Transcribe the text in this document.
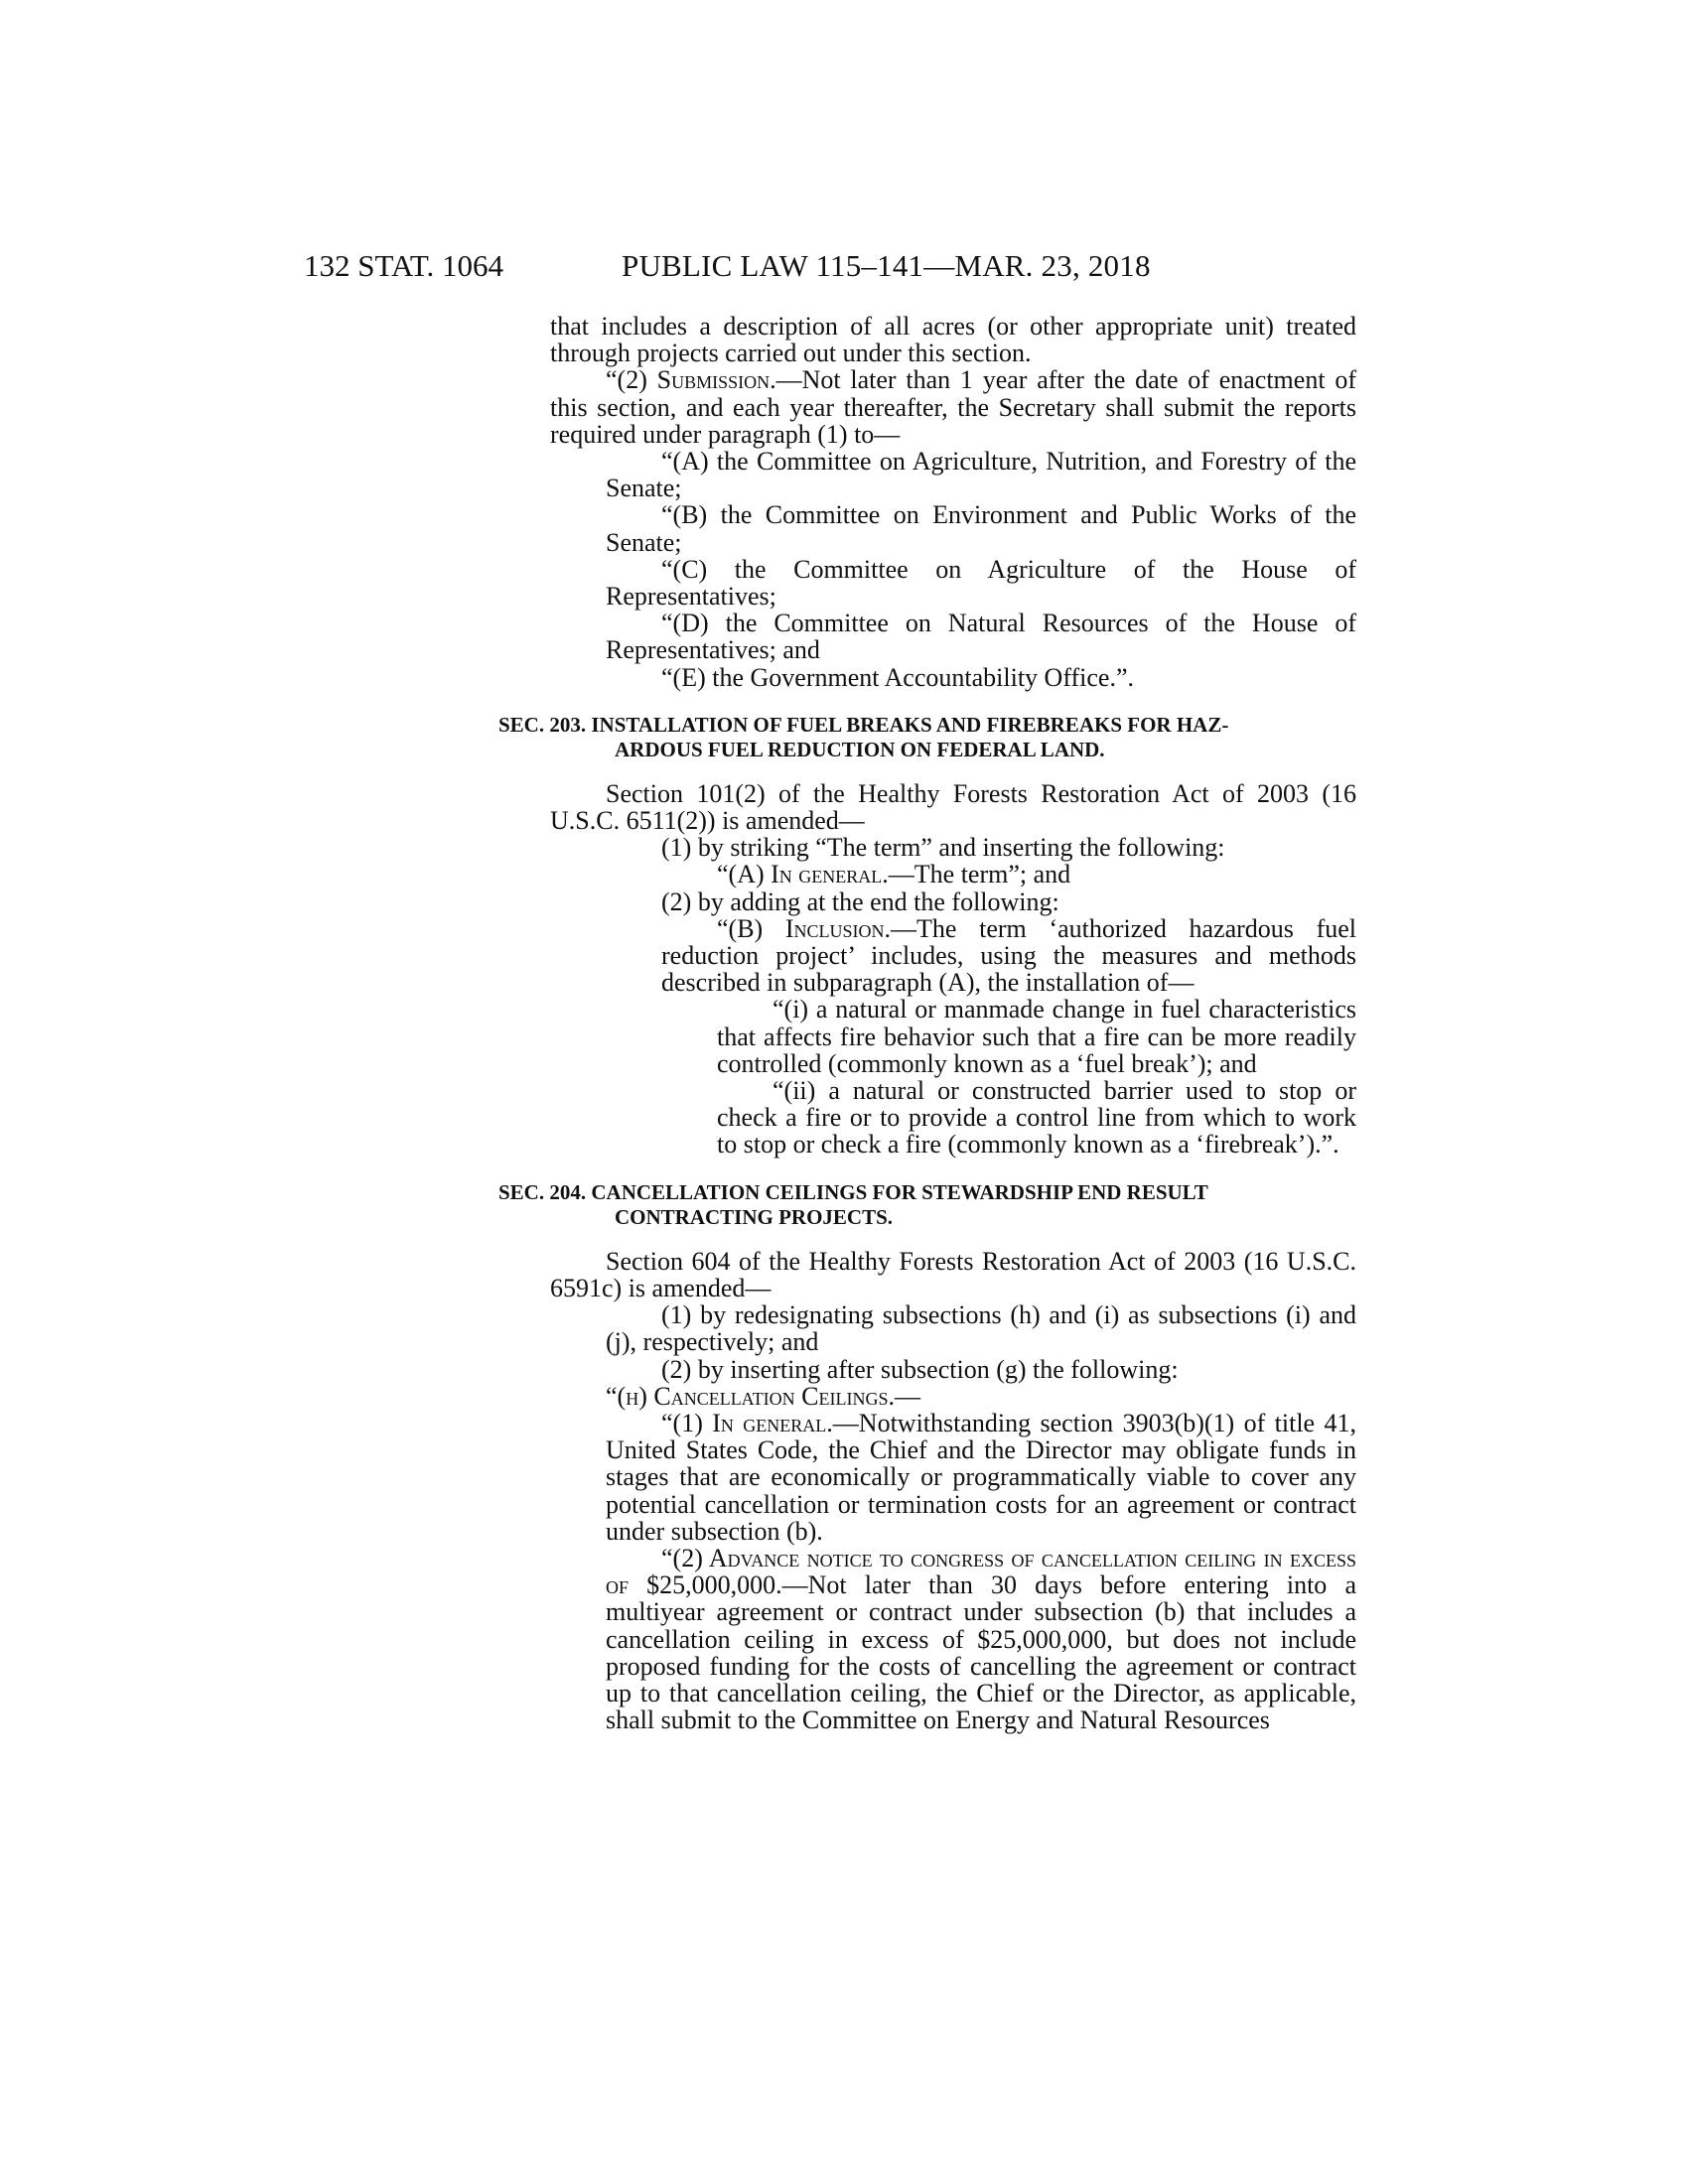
132 STAT. 1064	PUBLIC LAW 115–141—MAR. 23, 2018

that includes a description of all acres (or other appropriate unit) treated through projects carried out under this section.

“(2) Submission.—Not later than 1 year after the date of enactment of this section, and each year thereafter, the Secretary shall submit the reports required under paragraph (1) to—

“(A) the Committee on Agriculture, Nutrition, and Forestry of the Senate;

“(B) the Committee on Environment and Public Works of the Senate;

“(C) the Committee on Agriculture of the House of Representatives;

“(D) the Committee on Natural Resources of the House of Representatives; and

“(E) the Government Accountability Office.”.

SEC. 203. INSTALLATION OF FUEL BREAKS AND FIREBREAKS FOR HAZ-
ARDOUS FUEL REDUCTION ON FEDERAL LAND.

Section 101(2) of the Healthy Forests Restoration Act of 2003 (16 U.S.C. 6511(2)) is amended—

(1) by striking “The term” and inserting the following:

“(A) In general.—The term”; and

(2) by adding at the end the following:

“(B) Inclusion.—The term ‘authorized hazardous fuel reduction project’ includes, using the measures and methods described in subparagraph (A), the installation of—

“(i) a natural or manmade change in fuel characteristics that affects fire behavior such that a fire can be more readily controlled (commonly known as a ‘fuel break’); and

“(ii) a natural or constructed barrier used to stop or check a fire or to provide a control line from which to work to stop or check a fire (commonly known as a ‘firebreak’).”.

SEC. 204. CANCELLATION CEILINGS FOR STEWARDSHIP END RESULT
CONTRACTING PROJECTS.

Section 604 of the Healthy Forests Restoration Act of 2003 (16 U.S.C. 6591c) is amended—

(1) by redesignating subsections (h) and (i) as subsections (i) and (j), respectively; and

(2) by inserting after subsection (g) the following:

“(h) Cancellation Ceilings.—

“(1) In general.—Notwithstanding section 3903(b)(1) of title 41, United States Code, the Chief and the Director may obligate funds in stages that are economically or programmatically viable to cover any potential cancellation or termination costs for an agreement or contract under subsection (b).

“(2) Advance notice to congress of cancellation ceiling in excess of $25,000,000.—Not later than 30 days before entering into a multiyear agreement or contract under subsection (b) that includes a cancellation ceiling in excess of $25,000,000, but does not include proposed funding for the costs of cancelling the agreement or contract up to that cancellation ceiling, the Chief or the Director, as applicable, shall submit to the Committee on Energy and Natural Resources
